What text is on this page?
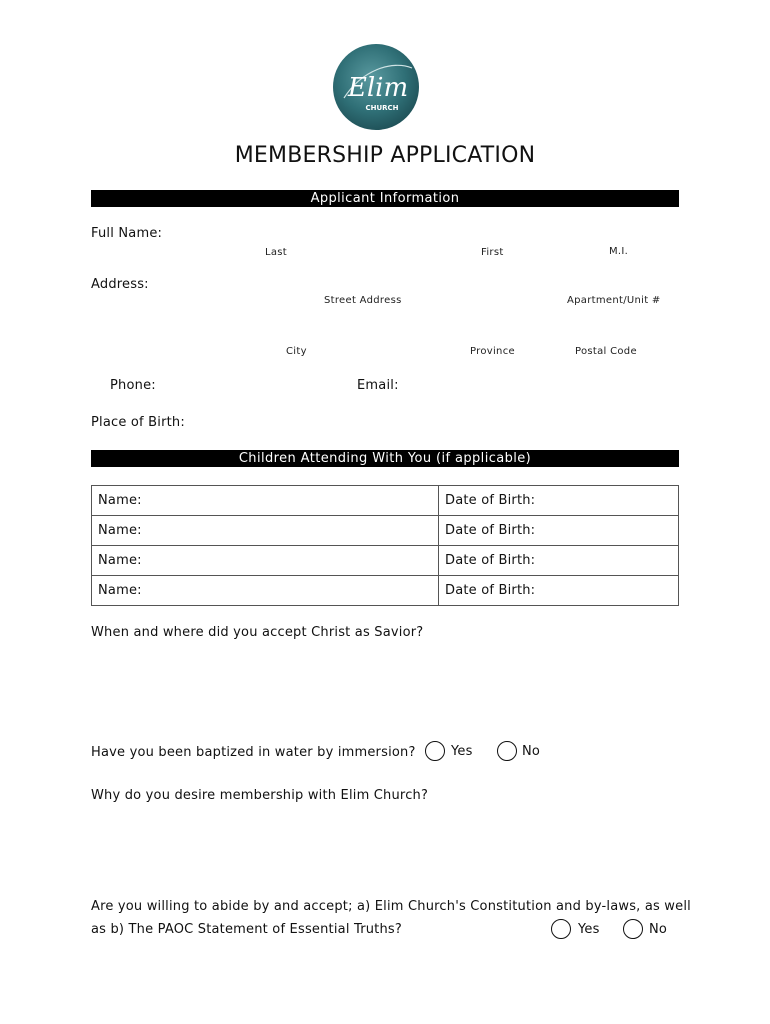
Elim
CHURCH
MEMBERSHIP APPLICATION
Applicant Information
Full Name:
Last	First	M.I.
Address:
Street Address	Apartment/Unit #
City	Province	Postal Code
Phone:	Email:
Place of Birth:
Children Attending With You (if applicable)
Name:	Date of Birth:
Name:	Date of Birth:
Name:	Date of Birth:
Name:	Date of Birth:
When and where did you accept Christ as Savior?
Have you been baptized in water by immersion?	Yes	No
Why do you desire membership with Elim Church?
Are you willing to abide by and accept; a) Elim Church's Constitution and by-laws, as well
as b) The PAOC Statement of Essential Truths?	Yes	No
